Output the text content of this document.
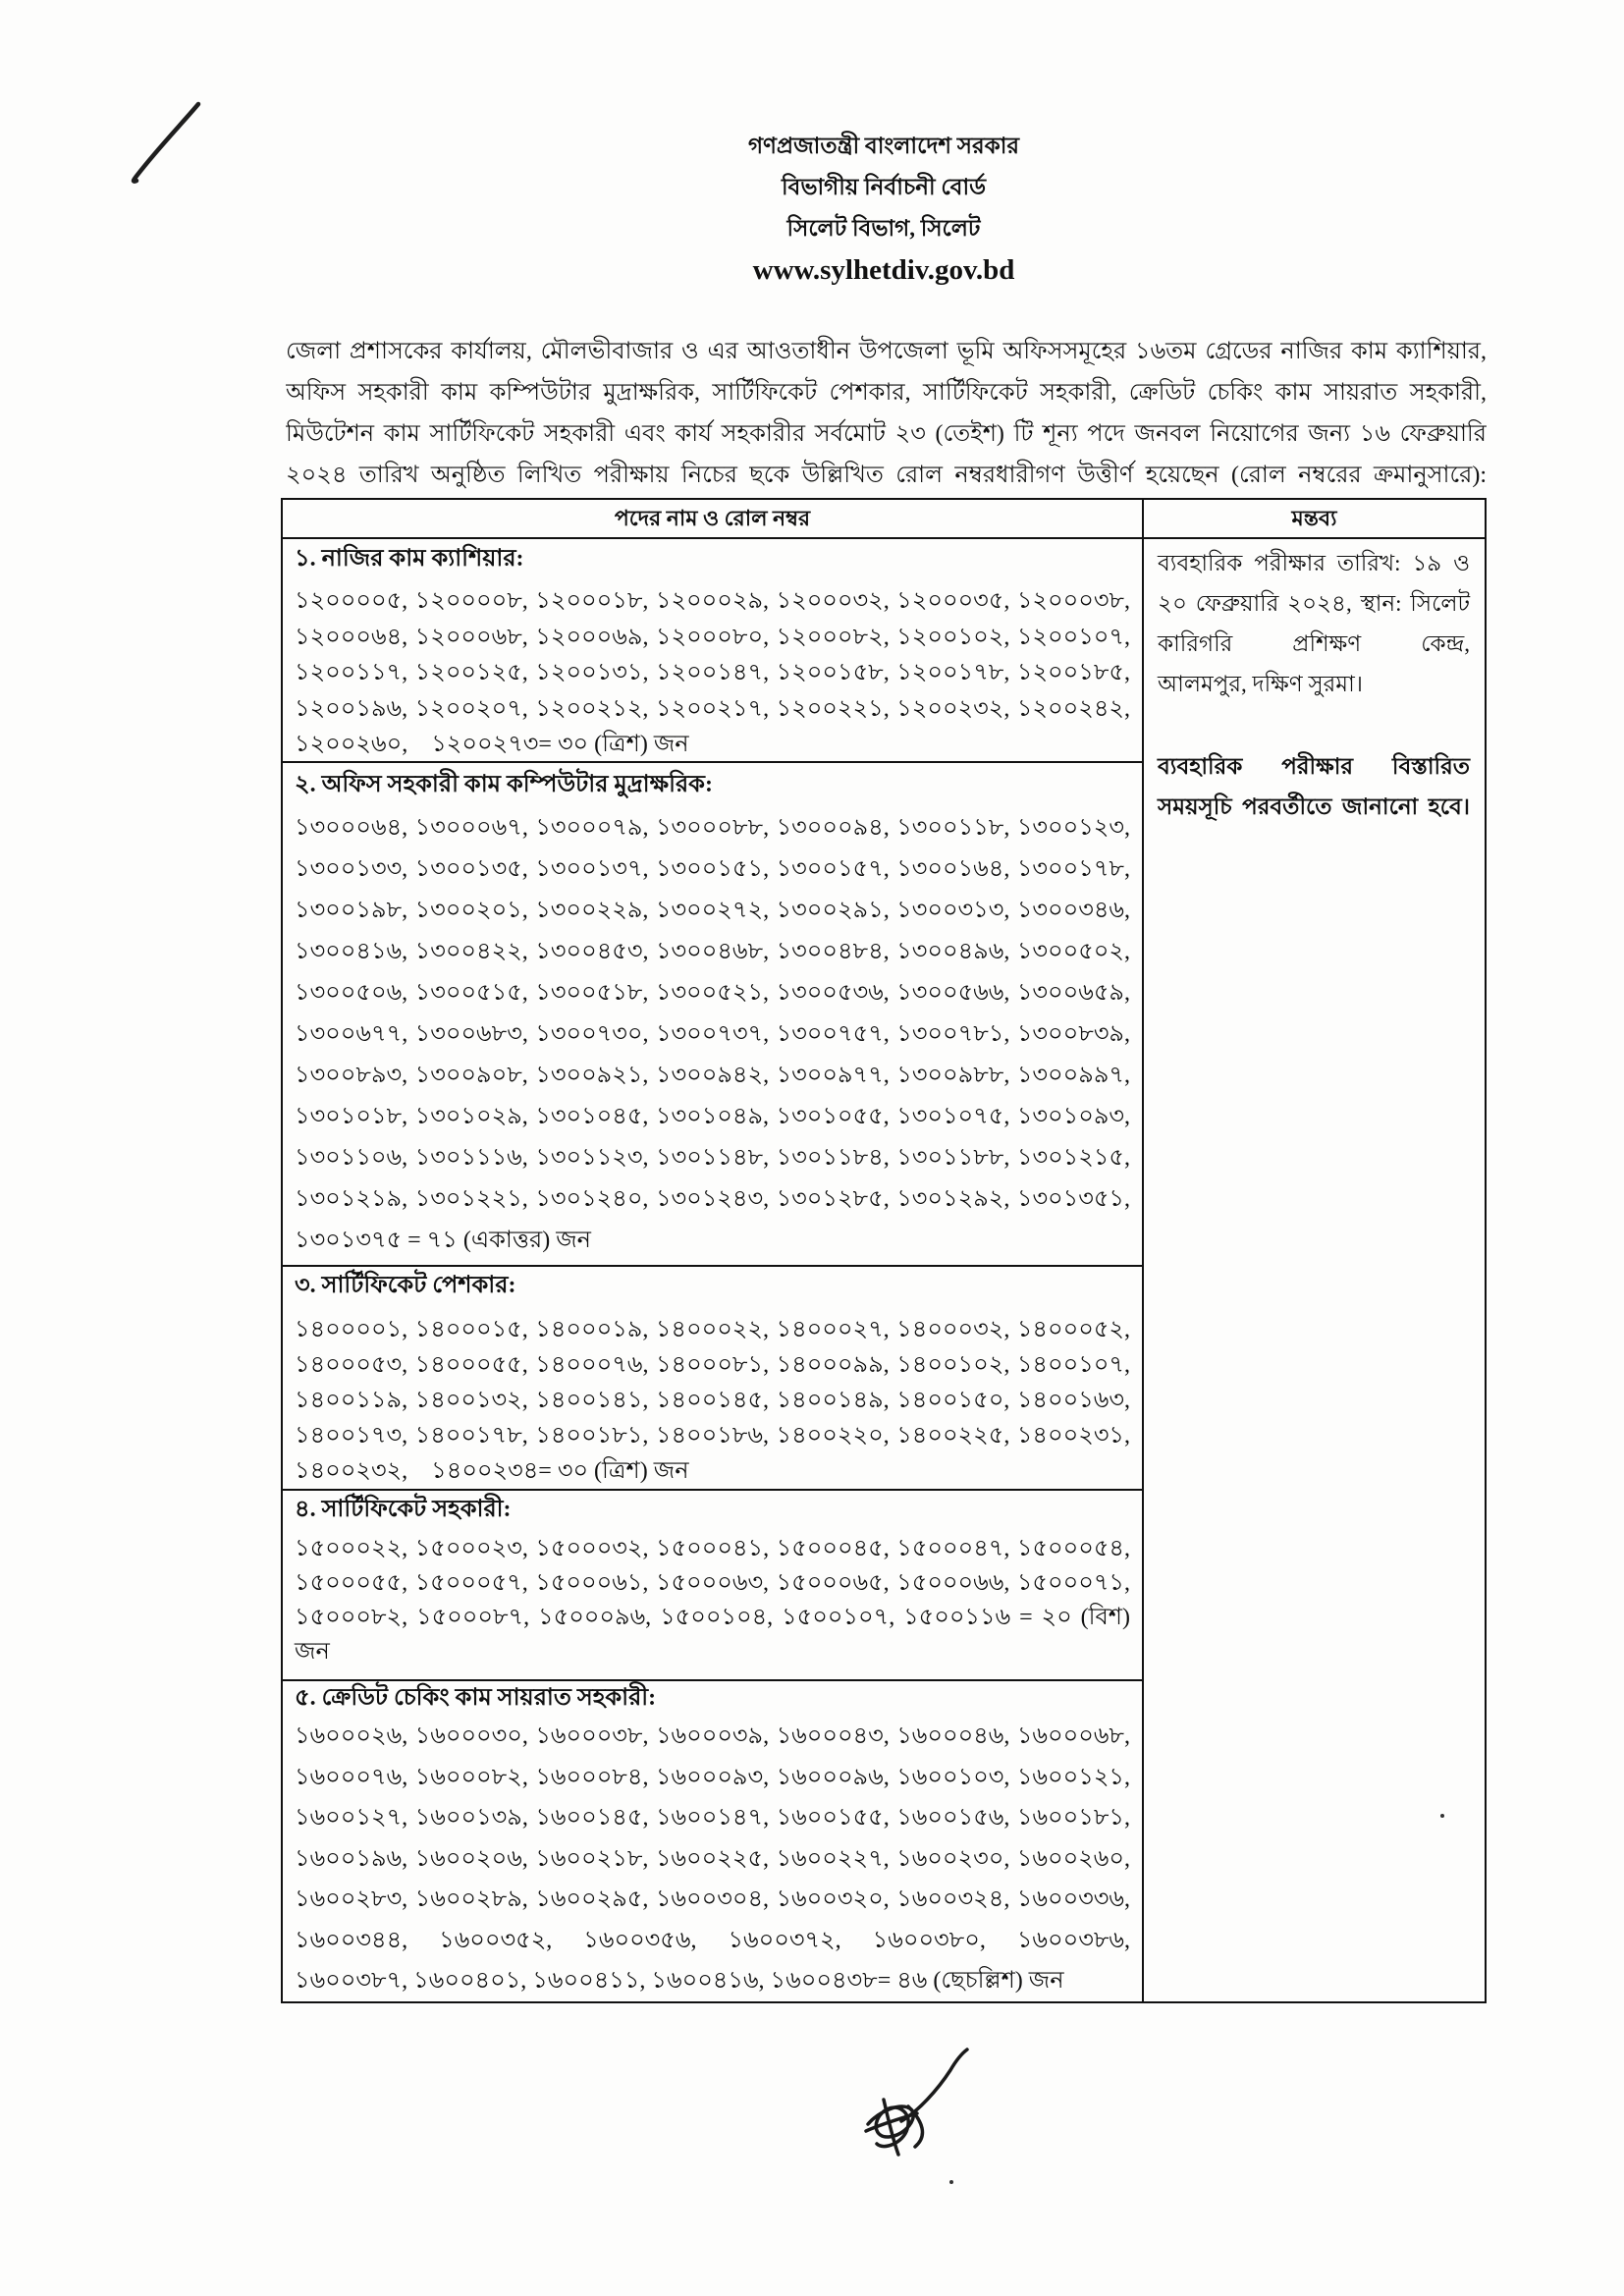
গণপ্রজাতন্ত্রী বাংলাদেশ সরকার
বিভাগীয় নির্বাচনী বোর্ড
সিলেট বিভাগ, সিলেট
www.sylhetdiv.gov.bd
জেলা প্রশাসকের কার্যালয়, মৌলভীবাজার ও এর আওতাধীন উপজেলা ভূমি অফিসসমূহের ১৬তম গ্রেডের নাজির কাম ক্যাশিয়ার,
অফিস সহকারী কাম কম্পিউটার মুদ্রাক্ষরিক, সার্টিফিকেট পেশকার, সার্টিফিকেট সহকারী, ক্রেডিট চেকিং কাম সায়রাত সহকারী,
মিউটেশন কাম সার্টিফিকেট সহকারী এবং কার্য সহকারীর সর্বমোট ২৩ (তেইশ) টি শূন্য পদে জনবল নিয়োগের জন্য ১৬ ফেব্রুয়ারি
২০২৪ তারিখ অনুষ্ঠিত লিখিত পরীক্ষায় নিচের ছকে উল্লিখিত রোল নম্বরধারীগণ উত্তীর্ণ হয়েছেন (রোল নম্বরের ক্রমানুসারে):
পদের নাম ও রোল নম্বর	মন্তব্য
১. নাজির কাম ক্যাশিয়ার:
১২০০০০৫, ১২০০০০৮, ১২০০০১৮, ১২০০০২৯, ১২০০০৩২, ১২০০০৩৫, ১২০০০৩৮,
১২০০০৬৪, ১২০০০৬৮, ১২০০০৬৯, ১২০০০৮০, ১২০০০৮২, ১২০০১০২, ১২০০১০৭,
১২০০১১৭, ১২০০১২৫, ১২০০১৩১, ১২০০১৪৭, ১২০০১৫৮, ১২০০১৭৮, ১২০০১৮৫,
১২০০১৯৬, ১২০০২০৭, ১২০০২১২, ১২০০২১৭, ১২০০২২১, ১২০০২৩২, ১২০০২৪২,
১২০০২৬০,    ১২০০২৭৩= ৩০ (ত্রিশ) জন
২. অফিস সহকারী কাম কম্পিউটার মুদ্রাক্ষরিক:
১৩০০০৬৪, ১৩০০০৬৭, ১৩০০০৭৯, ১৩০০০৮৮, ১৩০০০৯৪, ১৩০০১১৮, ১৩০০১২৩,
১৩০০১৩৩, ১৩০০১৩৫, ১৩০০১৩৭, ১৩০০১৫১, ১৩০০১৫৭, ১৩০০১৬৪, ১৩০০১৭৮,
১৩০০১৯৮, ১৩০০২০১, ১৩০০২২৯, ১৩০০২৭২, ১৩০০২৯১, ১৩০০৩১৩, ১৩০০৩৪৬,
১৩০০৪১৬, ১৩০০৪২২, ১৩০০৪৫৩, ১৩০০৪৬৮, ১৩০০৪৮৪, ১৩০০৪৯৬, ১৩০০৫০২,
১৩০০৫০৬, ১৩০০৫১৫, ১৩০০৫১৮, ১৩০০৫২১, ১৩০০৫৩৬, ১৩০০৫৬৬, ১৩০০৬৫৯,
১৩০০৬৭৭, ১৩০০৬৮৩, ১৩০০৭৩০, ১৩০০৭৩৭, ১৩০০৭৫৭, ১৩০০৭৮১, ১৩০০৮৩৯,
১৩০০৮৯৩, ১৩০০৯০৮, ১৩০০৯২১, ১৩০০৯৪২, ১৩০০৯৭৭, ১৩০০৯৮৮, ১৩০০৯৯৭,
১৩০১০১৮, ১৩০১০২৯, ১৩০১০৪৫, ১৩০১০৪৯, ১৩০১০৫৫, ১৩০১০৭৫, ১৩০১০৯৩,
১৩০১১০৬, ১৩০১১১৬, ১৩০১১২৩, ১৩০১১৪৮, ১৩০১১৮৪, ১৩০১১৮৮, ১৩০১২১৫,
১৩০১২১৯, ১৩০১২২১, ১৩০১২৪০, ১৩০১২৪৩, ১৩০১২৮৫, ১৩০১২৯২, ১৩০১৩৫১,
১৩০১৩৭৫ = ৭১ (একাত্তর) জন
৩. সার্টিফিকেট পেশকার:
১৪০০০০১, ১৪০০০১৫, ১৪০০০১৯, ১৪০০০২২, ১৪০০০২৭, ১৪০০০৩২, ১৪০০০৫২,
১৪০০০৫৩, ১৪০০০৫৫, ১৪০০০৭৬, ১৪০০০৮১, ১৪০০০৯৯, ১৪০০১০২, ১৪০০১০৭,
১৪০০১১৯, ১৪০০১৩২, ১৪০০১৪১, ১৪০০১৪৫, ১৪০০১৪৯, ১৪০০১৫০, ১৪০০১৬৩,
১৪০০১৭৩, ১৪০০১৭৮, ১৪০০১৮১, ১৪০০১৮৬, ১৪০০২২০, ১৪০০২২৫, ১৪০০২৩১,
১৪০০২৩২,    ১৪০০২৩৪= ৩০ (ত্রিশ) জন
৪. সার্টিফিকেট সহকারী:
১৫০০০২২, ১৫০০০২৩, ১৫০০০৩২, ১৫০০০৪১, ১৫০০০৪৫, ১৫০০০৪৭, ১৫০০০৫৪,
১৫০০০৫৫, ১৫০০০৫৭, ১৫০০০৬১, ১৫০০০৬৩, ১৫০০০৬৫, ১৫০০০৬৬, ১৫০০০৭১,
১৫০০০৮২, ১৫০০০৮৭, ১৫০০০৯৬, ১৫০০১০৪, ১৫০০১০৭, ১৫০০১১৬ = ২০ (বিশ)
জন
৫. ক্রেডিট চেকিং কাম সায়রাত সহকারী:
১৬০০০২৬, ১৬০০০৩০, ১৬০০০৩৮, ১৬০০০৩৯, ১৬০০০৪৩, ১৬০০০৪৬, ১৬০০০৬৮,
১৬০০০৭৬, ১৬০০০৮২, ১৬০০০৮৪, ১৬০০০৯৩, ১৬০০০৯৬, ১৬০০১০৩, ১৬০০১২১,
১৬০০১২৭, ১৬০০১৩৯, ১৬০০১৪৫, ১৬০০১৪৭, ১৬০০১৫৫, ১৬০০১৫৬, ১৬০০১৮১,
১৬০০১৯৬, ১৬০০২০৬, ১৬০০২১৮, ১৬০০২২৫, ১৬০০২২৭, ১৬০০২৩০, ১৬০০২৬০,
১৬০০২৮৩, ১৬০০২৮৯, ১৬০০২৯৫, ১৬০০৩০৪, ১৬০০৩২০, ১৬০০৩২৪, ১৬০০৩৩৬,
১৬০০৩৪৪, ১৬০০৩৫২, ১৬০০৩৫৬, ১৬০০৩৭২, ১৬০০৩৮০, ১৬০০৩৮৬,
১৬০০৩৮৭, ১৬০০৪০১, ১৬০০৪১১, ১৬০০৪১৬, ১৬০০৪৩৮= ৪৬ (ছেচল্লিশ) জন
ব্যবহারিক পরীক্ষার তারিখ: ১৯ ও
২০ ফেব্রুয়ারি ২০২৪, স্থান: সিলেট
কারিগরি প্রশিক্ষণ কেন্দ্র,
আলমপুর, দক্ষিণ সুরমা।
ব্যবহারিক পরীক্ষার বিস্তারিত
সময়সূচি পরবর্তীতে জানানো হবে।
